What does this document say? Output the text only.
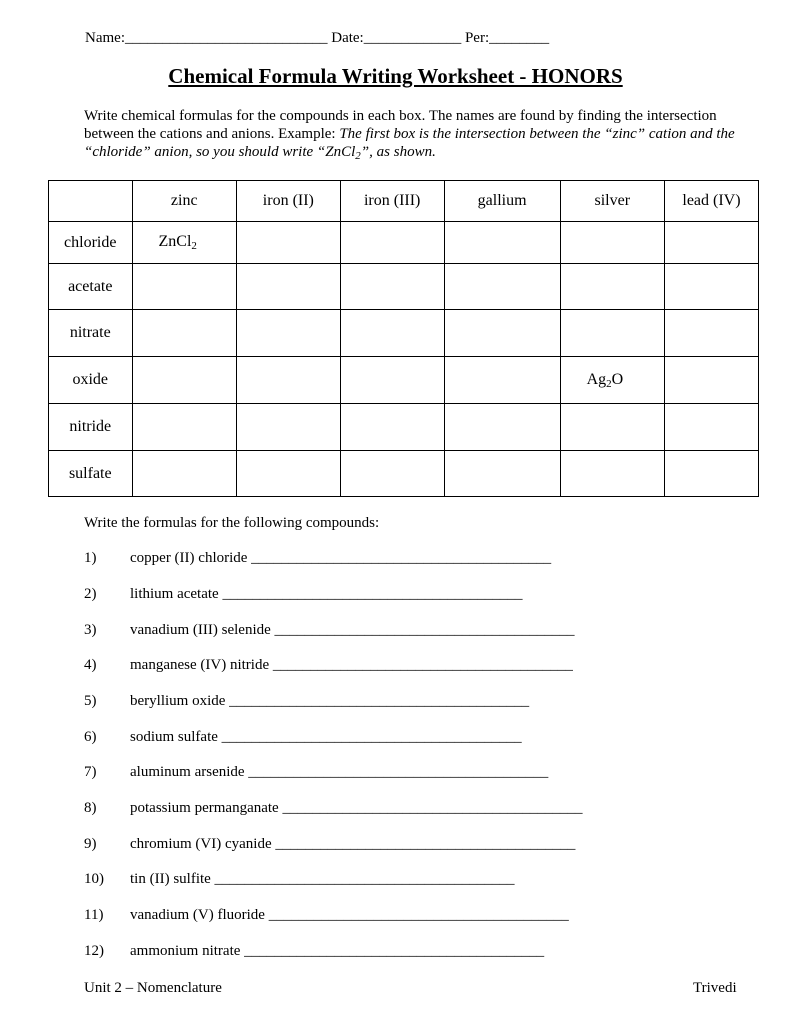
Name:___________________________ Date:_____________ Per:________
Chemical Formula Writing Worksheet - HONORS
Write chemical formulas for the compounds in each box. The names are found by finding the intersection between the cations and anions. Example: The first box is the intersection between the “zinc” cation and the “chloride” anion, so you should write “ZnCl$_2$”, as shown.
	zinc	iron (II)	iron (III)	gallium	silver	lead (IV)
chloride	ZnCl$_2$					
acetate						
nitrate						
oxide					$Ag_2O$	
nitride						
sulfate						
Write the formulas for the following compounds:
1) copper (II) chloride ________________________________________
2) lithium acetate ________________________________________
3) vanadium (III) selenide ________________________________________
4) manganese (IV) nitride ________________________________________
5) beryllium oxide ________________________________________
6) sodium sulfate ________________________________________
7) aluminum arsenide ________________________________________
8) potassium permanganate ________________________________________
9) chromium (VI) cyanide ________________________________________
10) tin (II) sulfite ________________________________________
11) vanadium (V) fluoride ________________________________________
12) ammonium nitrate ________________________________________
Unit 2 – Nomenclature	Trivedi
